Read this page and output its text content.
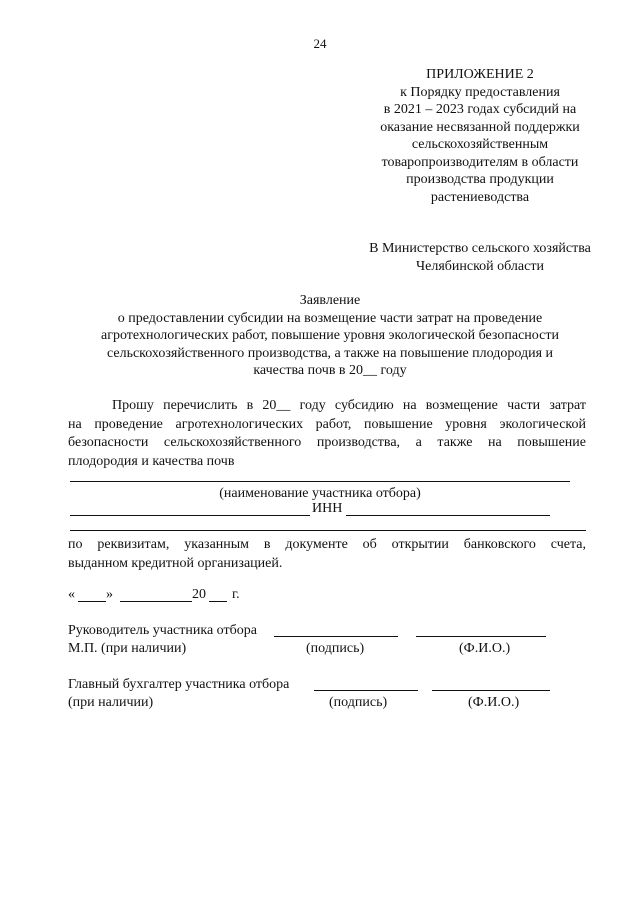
24
ПРИЛОЖЕНИЕ 2
к Порядку предоставления
в 2021 – 2023 годах субсидий на
оказание несвязанной поддержки
сельскохозяйственным
товаропроизводителям в области
производства продукции
растениеводства
В Министерство сельского хозяйства
Челябинской области
Заявление
о предоставлении субсидии на возмещение части затрат на проведение
агротехнологических работ, повышение уровня экологической безопасности
сельскохозяйственного производства, а также на повышение плодородия и
качества почв в 20__ году
Прошу перечислить в 20__ году субсидию на возмещение части затрат
на проведение агротехнологических работ, повышение уровня экологической
безопасности сельскохозяйственного производства, а также на повышение
плодородия и качества почв
(наименование участника отбора)
ИНН
по реквизитам, указанным в документе об открытии банковского счета,
выданном кредитной организацией.
« »	20 г.
Руководитель участника отбора
М.П. (при наличии)	(подпись)	(Ф.И.О.)
Главный бухгалтер участника отбора
(при наличии)	(подпись)	(Ф.И.О.)
